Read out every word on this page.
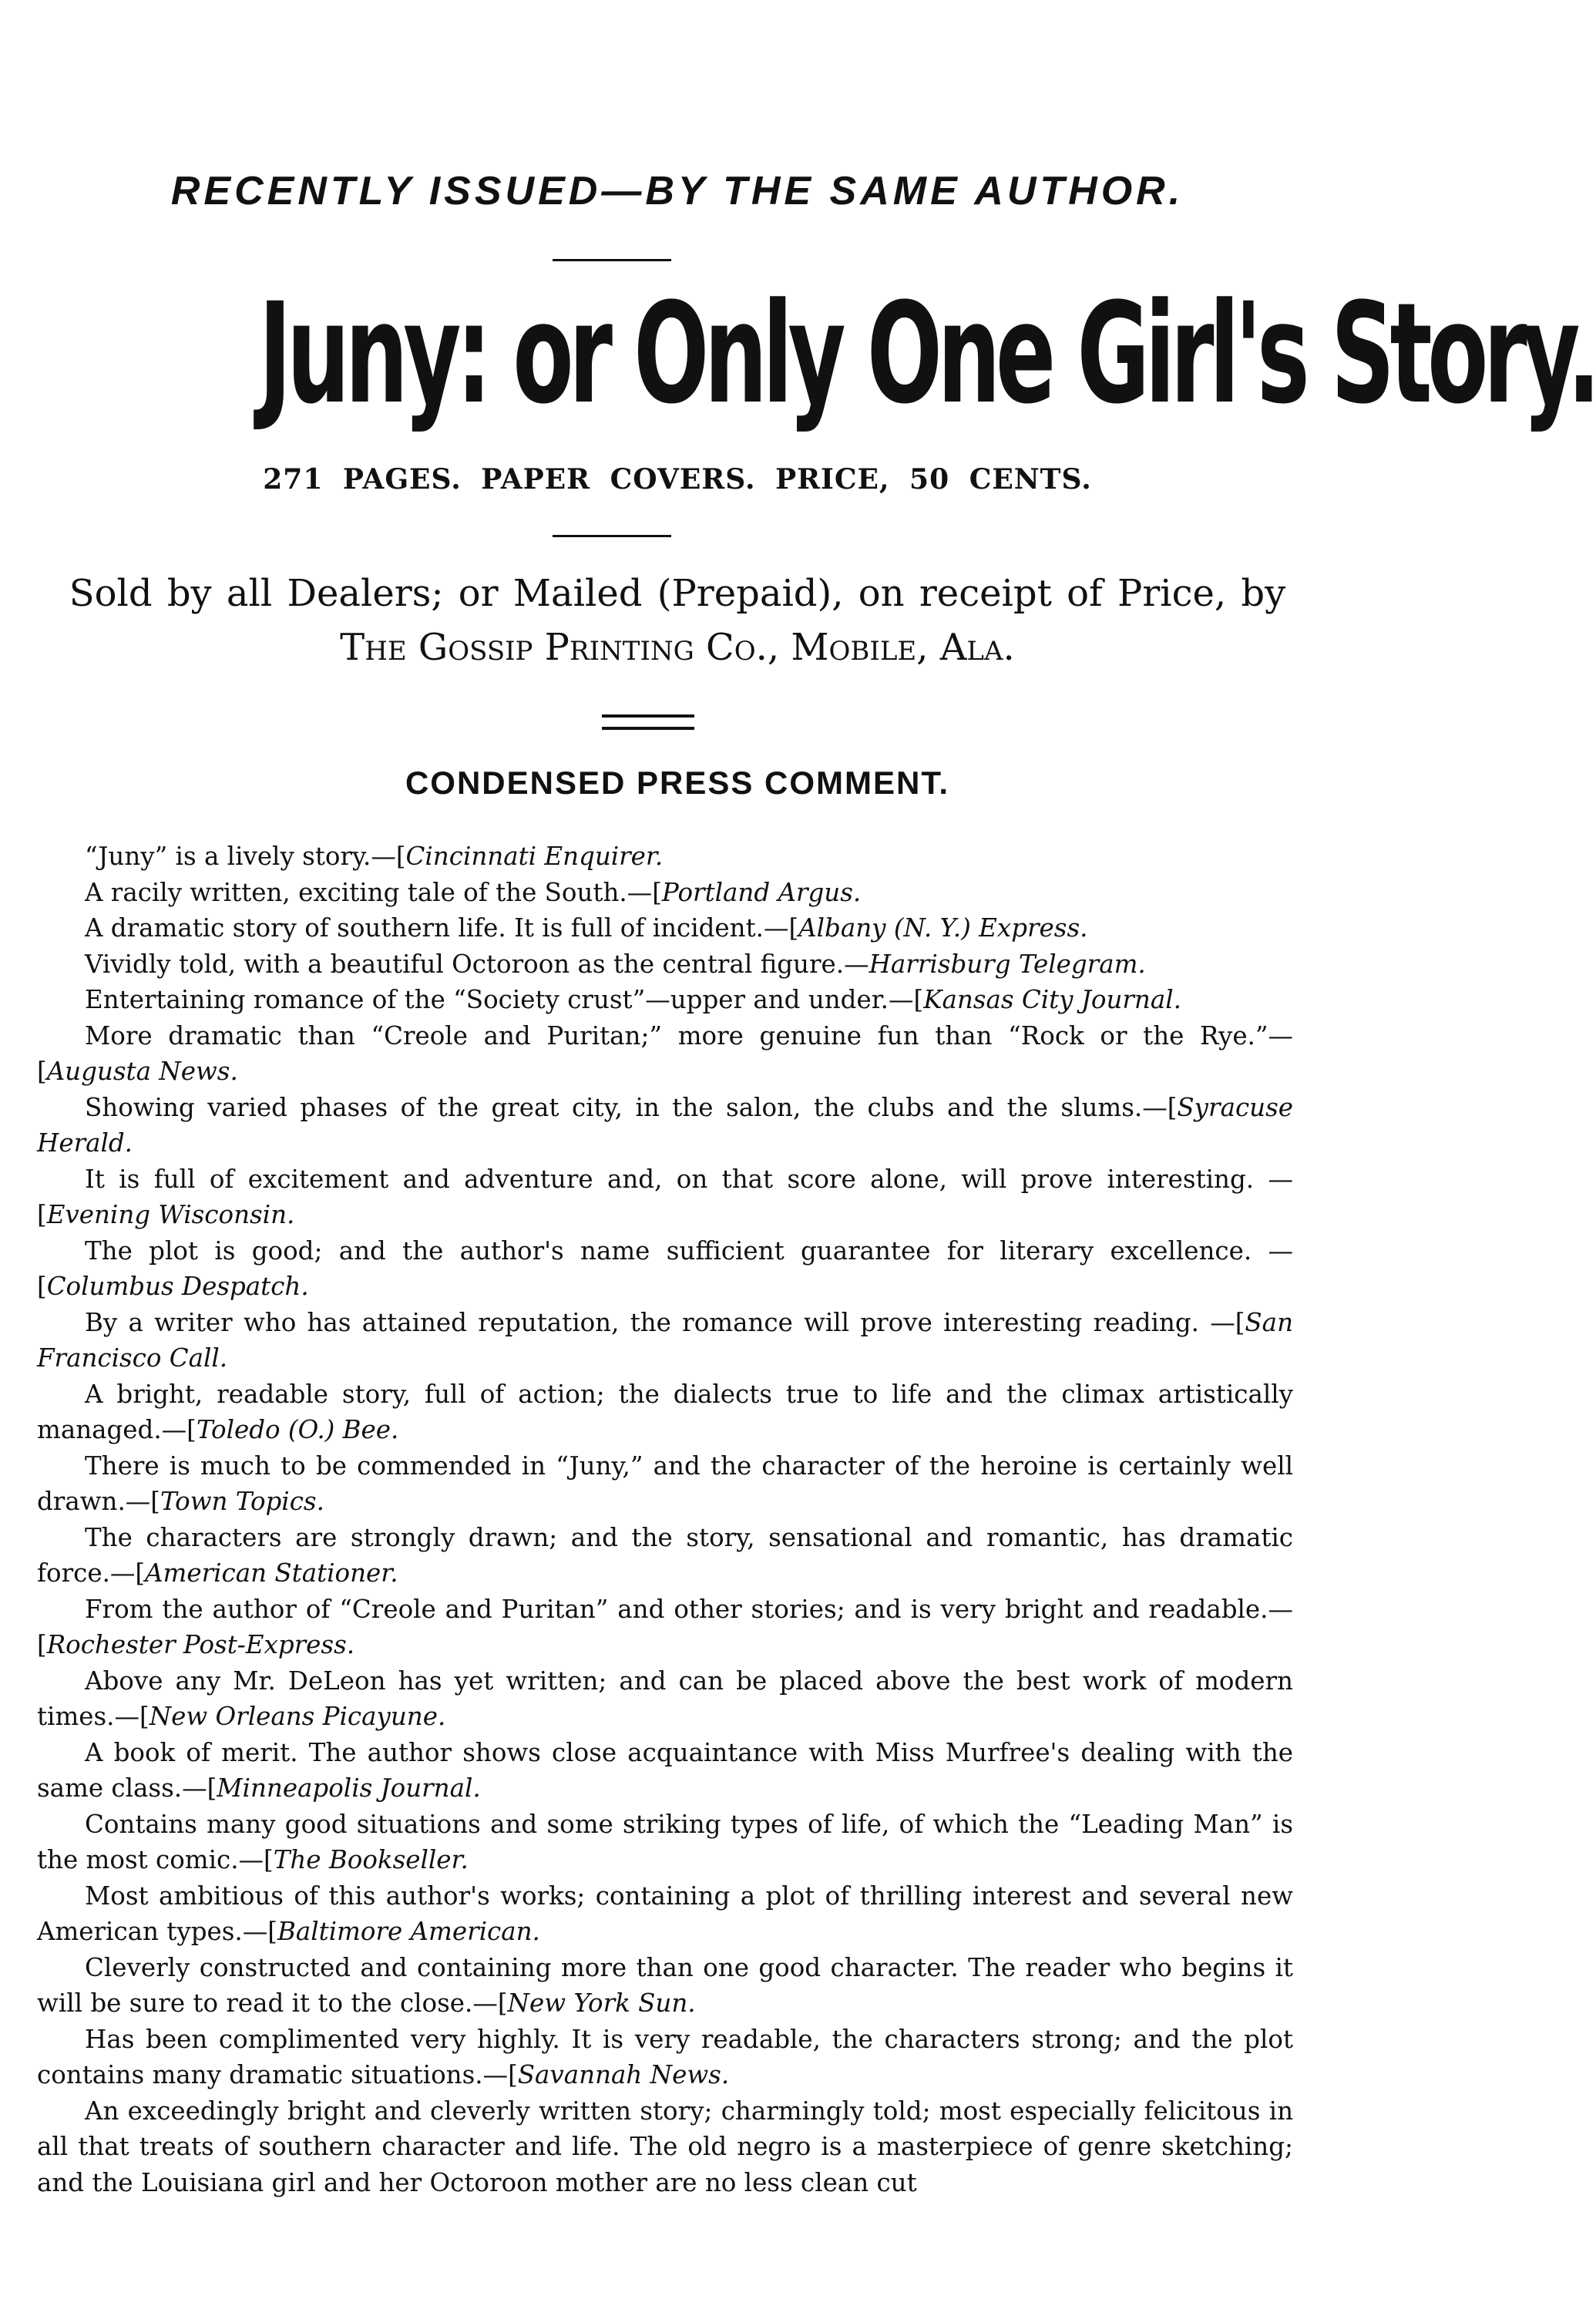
RECENTLY ISSUED—BY THE SAME AUTHOR.
Juny: or Only One Girl's Story.
271 PAGES. PAPER COVERS. PRICE, 50 CENTS.
Sold by all Dealers; or Mailed (Prepaid), on receipt of Price, by
The Gossip Printing Co., Mobile, Ala.
CONDENSED PRESS COMMENT.

“Juny” is a lively story.—[Cincinnati Enquirer.

A racily written, exciting tale of the South.—[Portland Argus.

A dramatic story of southern life. It is full of incident.—[Albany (N. Y.) Express.

Vividly told, with a beautiful Octoroon as the central figure.—Harrisburg Telegram.

Entertaining romance of the “Society crust”—upper and under.—[Kansas City Journal.

More dramatic than “Creole and Puritan;” more genuine fun than “Rock or the Rye.”—[Augusta News.

Showing varied phases of the great city, in the salon, the clubs and the slums.—[Syracuse Herald.

It is full of excitement and adventure and, on that score alone, will prove interesting. —[Evening Wisconsin.

The plot is good; and the author's name sufficient guarantee for literary excellence. —[Columbus Despatch.

By a writer who has attained reputation, the romance will prove interesting reading. —[San Francisco Call.

A bright, readable story, full of action; the dialects true to life and the climax artistically managed.—[Toledo (O.) Bee.

There is much to be commended in “Juny,” and the character of the heroine is certainly well drawn.—[Town Topics.

The characters are strongly drawn; and the story, sensational and romantic, has dramatic force.—[American Stationer.

From the author of “Creole and Puritan” and other stories; and is very bright and readable.—[Rochester Post-Express.

Above any Mr. DeLeon has yet written; and can be placed above the best work of modern times.—[New Orleans Picayune.

A book of merit. The author shows close acquaintance with Miss Murfree's dealing with the same class.—[Minneapolis Journal.

Contains many good situations and some striking types of life, of which the “Leading Man” is the most comic.—[The Bookseller.

Most ambitious of this author's works; containing a plot of thrilling interest and several new American types.—[Baltimore American.

Cleverly constructed and containing more than one good character. The reader who begins it will be sure to read it to the close.—[New York Sun.

Has been complimented very highly. It is very readable, the characters strong; and the plot contains many dramatic situations.—[Savannah News.

An exceedingly bright and cleverly written story; charmingly told; most especially felicitous in all that treats of southern character and life. The old negro is a masterpiece of genre sketching; and the Louisiana girl and her Octoroon mother are no less clean cut
